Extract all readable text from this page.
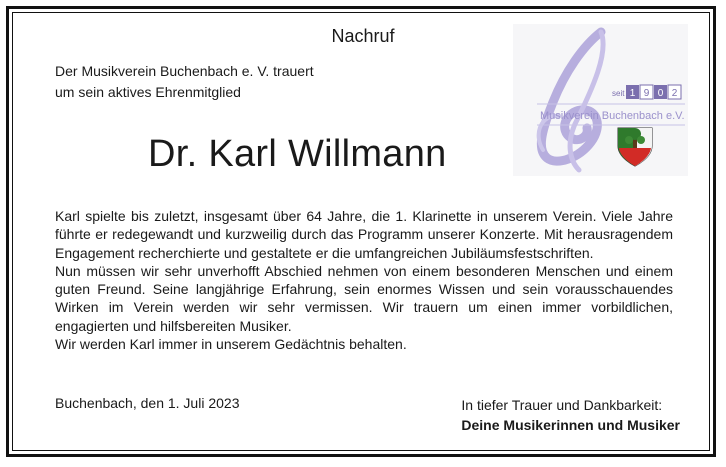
Nachruf
Der Musikverein Buchenbach e. V. trauert
um sein aktives Ehrenmitglied
Dr. Karl Willmann
seit 1 9 0 2
Musikverein Buchenbach e.V.

Karl spielte bis zuletzt, insgesamt über 64 Jahre, die 1. Klarinette in unserem Verein. Viele Jahre führte er redegewandt und kurzweilig durch das Programm unserer Konzerte. Mit herausragendem Engagement recherchierte und gestaltete er die umfangreichen Jubiläumsfestschriften.

Nun müssen wir sehr unverhofft Abschied nehmen von einem besonderen Menschen und einem guten Freund. Seine langjährige Erfahrung, sein enormes Wissen und sein vorausschauendes Wirken im Verein werden wir sehr vermissen. Wir trauern um einen immer vorbildlichen, engagierten und hilfsbereiten Musiker.

Wir werden Karl immer in unserem Gedächtnis behalten.

Buchenbach, den 1. Juli 2023	In tiefer Trauer und Dankbarkeit:
Deine Musikerinnen und Musiker
